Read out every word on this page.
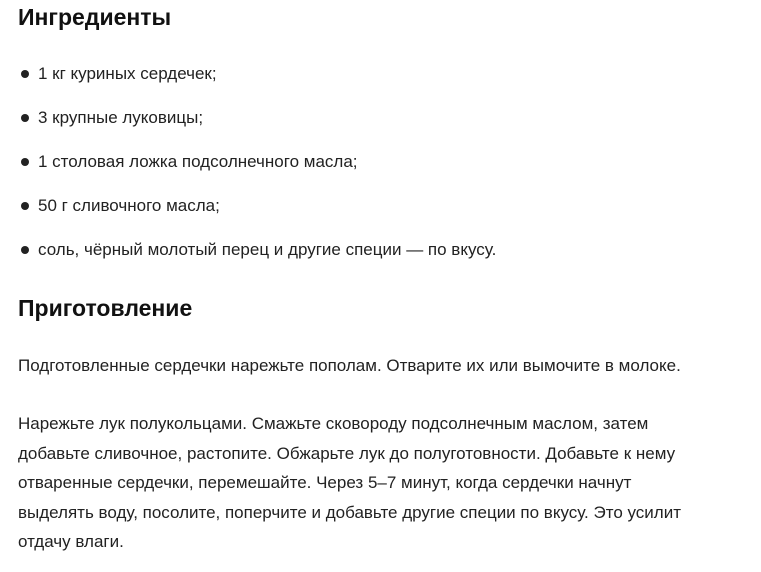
Ингредиенты
1 кг куриных сердечек;
3 крупные луковицы;
1 столовая ложка подсолнечного масла;
50 г сливочного масла;
соль, чёрный молотый перец и другие специи — по вкусу.
Приготовление

Подготовленные сердечки нарежьте пополам. Отварите их или вымочите в молоке.

Нарежьте лук полукольцами. Смажьте сковороду подсолнечным маслом, затем
добавьте сливочное, растопите. Обжарьте лук до полуготовности. Добавьте к нему
отваренные сердечки, перемешайте. Через 5–7 минут, когда сердечки начнут
выделять воду, посолите, поперчите и добавьте другие специи по вкусу. Это усилит
отдачу влаги.
